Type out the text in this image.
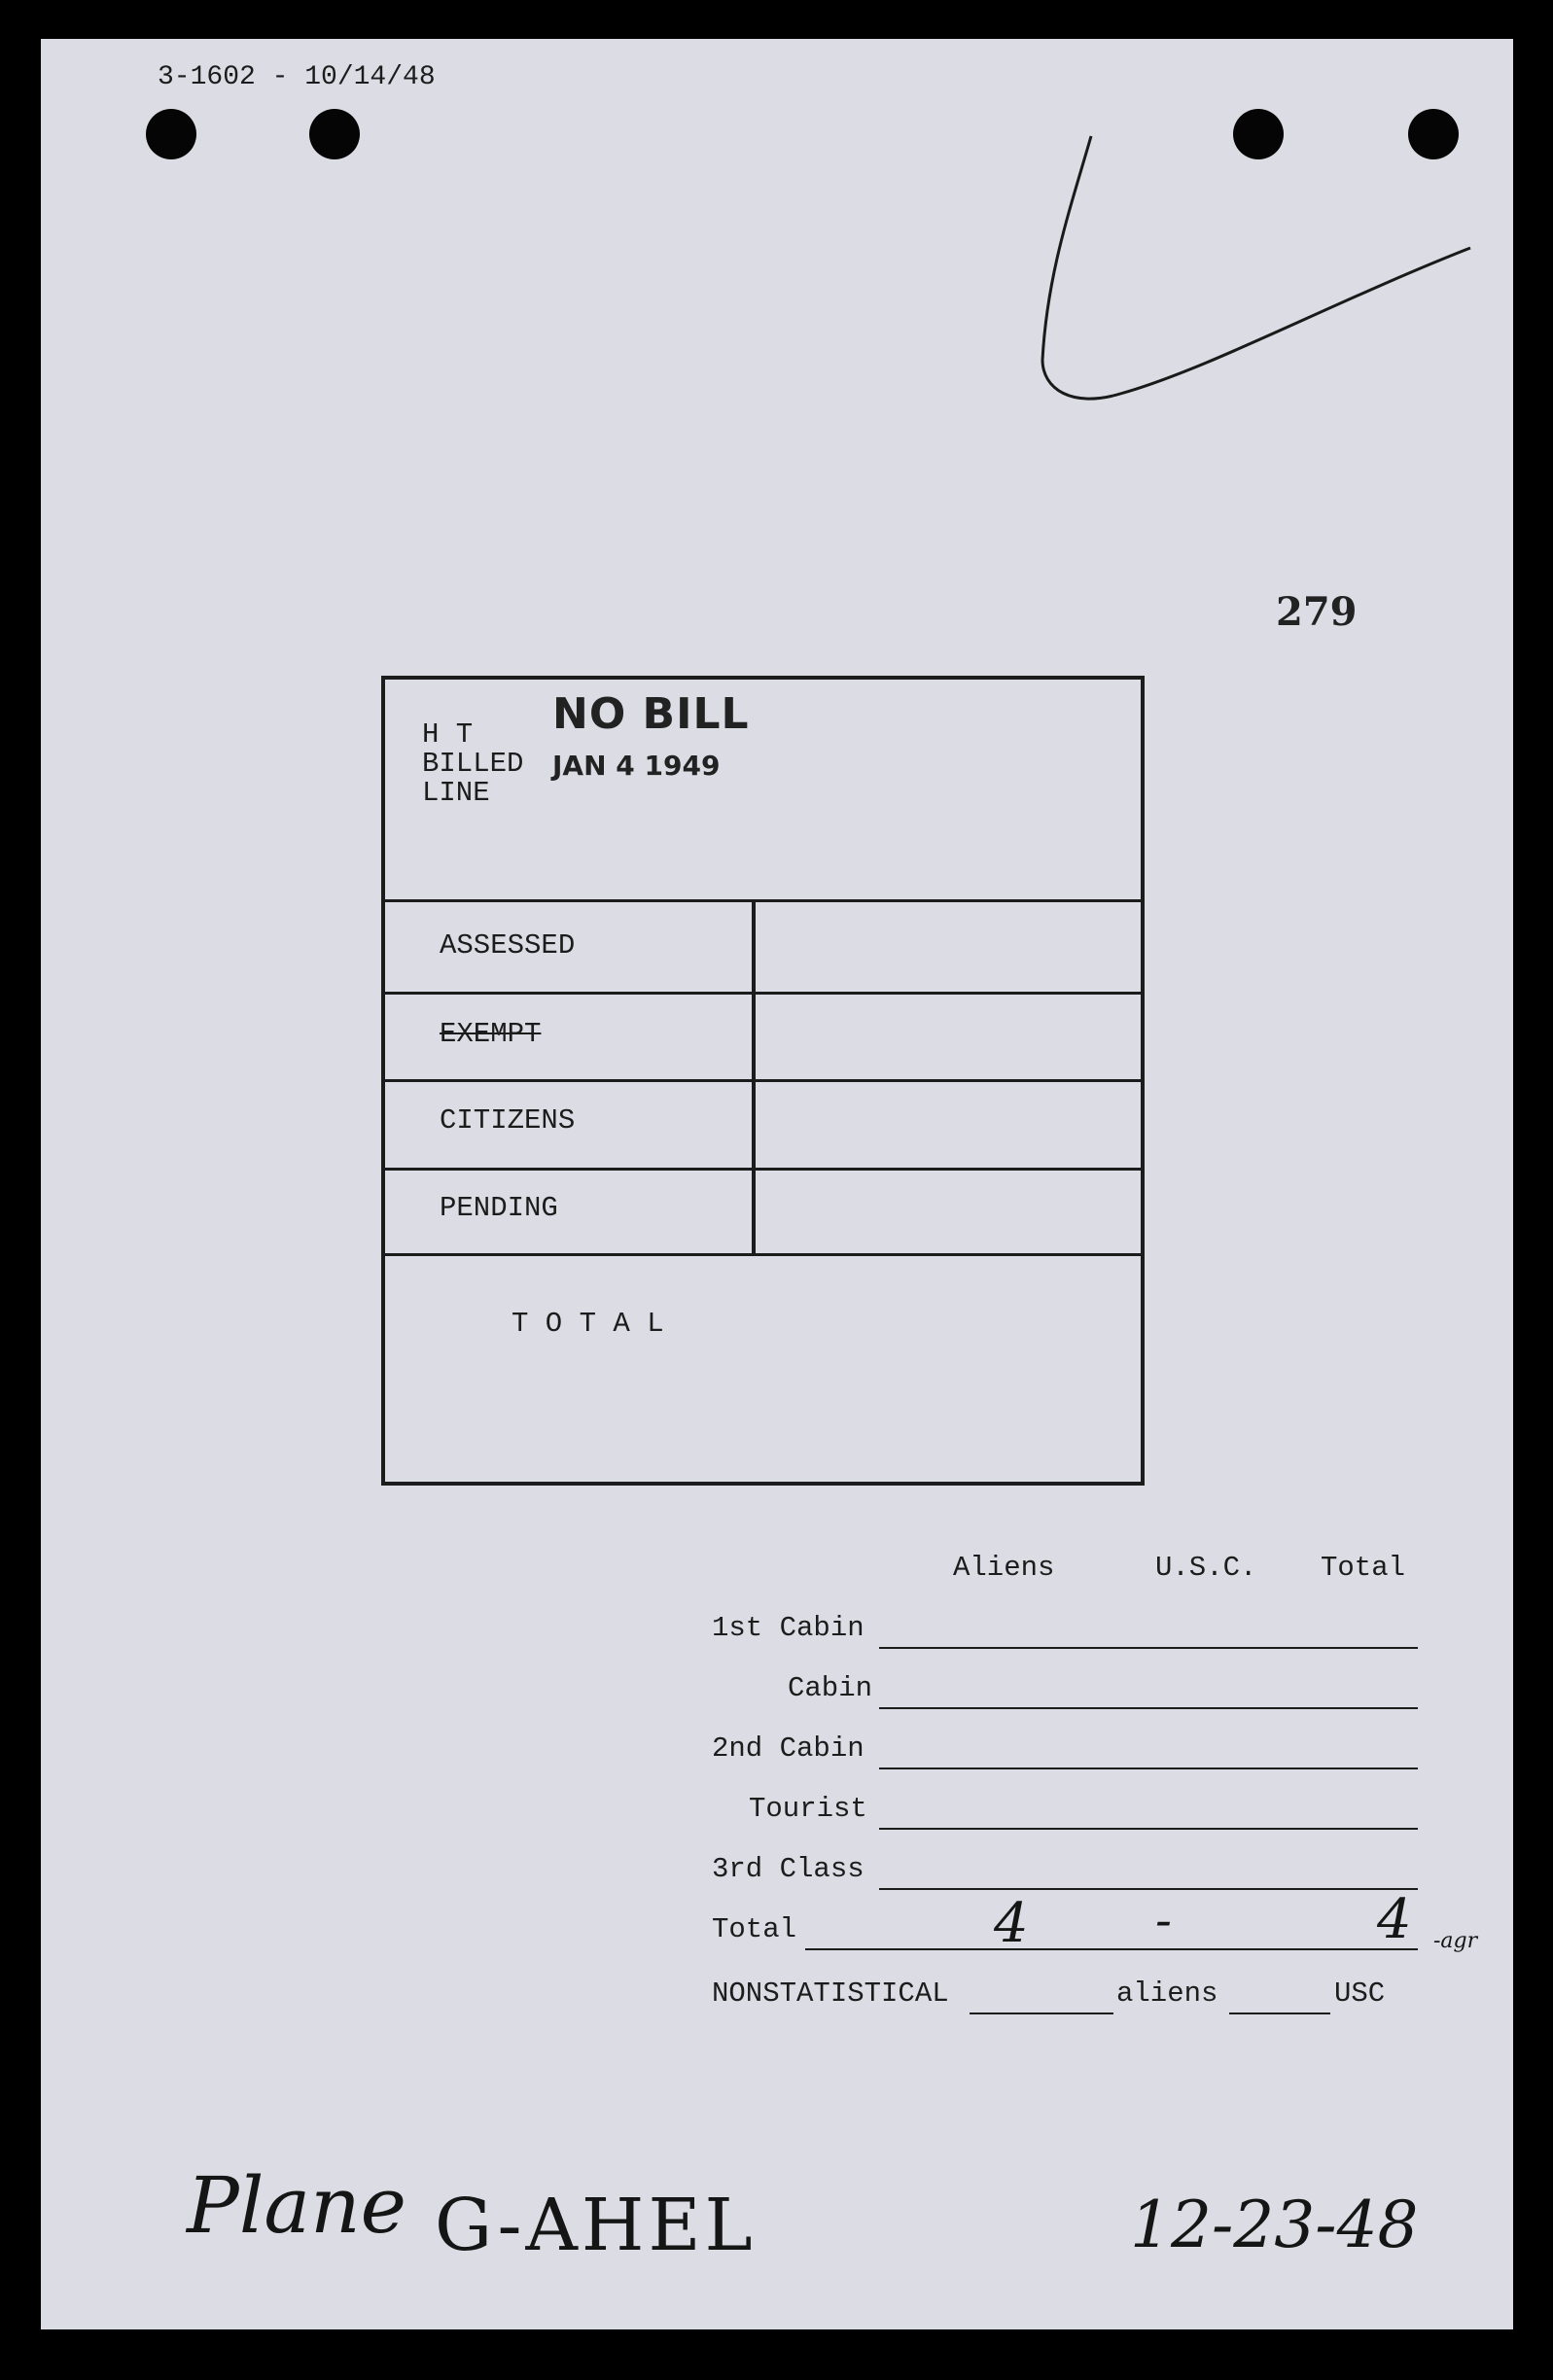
3-1602 - 10/14/48
279
H T
BILLED
LINE
NO BILL
JAN 4 1949
ASSESSED
EXEMPT
CITIZENS
PENDING
T O T A L
Aliens	U.S.C. Total
1st Cabin
Cabin
2nd Cabin
Tourist
3rd Class
Total	4	-	4 -agr
NONSTATISTICAL	aliens	USC
Plane G-AHEL	12-23-48
